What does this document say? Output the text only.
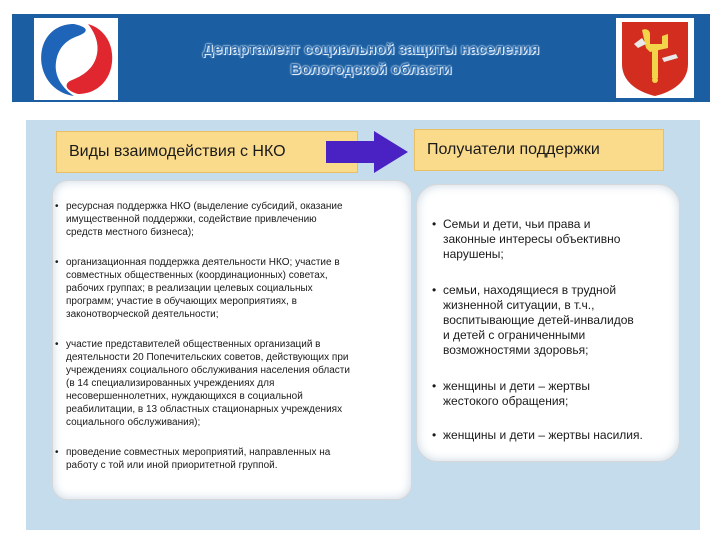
Департамент социальной защиты населения
Вологодской области
Виды взаимодействия с НКО	Получатели поддержки
• ресурсная поддержка НКО (выделение субсидий, оказание
имущественной поддержки, содействие привлечению
средств местного бизнеса);
• организационная поддержка деятельности НКО; участие в
совместных общественных (координационных) советах,
рабочих группах; в реализации целевых социальных
программ; участие в обучающих мероприятиях, в
законотворческой деятельности;
• участие представителей общественных организаций в
деятельности 20 Попечительских советов, действующих при
учреждениях социального обслуживания населения области
(в 14 специализированных учреждениях для
несовершеннолетних, нуждающихся в социальной
реабилитации, в 13 областных стационарных учреждениях
социального обслуживания);
• проведение совместных мероприятий, направленных на
работу с той или иной приоритетной группой.
• Семьи и дети, чьи права и
законные интересы объективно
нарушены;
• семьи, находящиеся в трудной
жизненной ситуации, в т.ч.,
воспитывающие детей-инвалидов
и детей с ограниченными
возможностями здоровья;
• женщины и дети – жертвы
жестокого обращения;
• женщины и дети – жертвы насилия.
